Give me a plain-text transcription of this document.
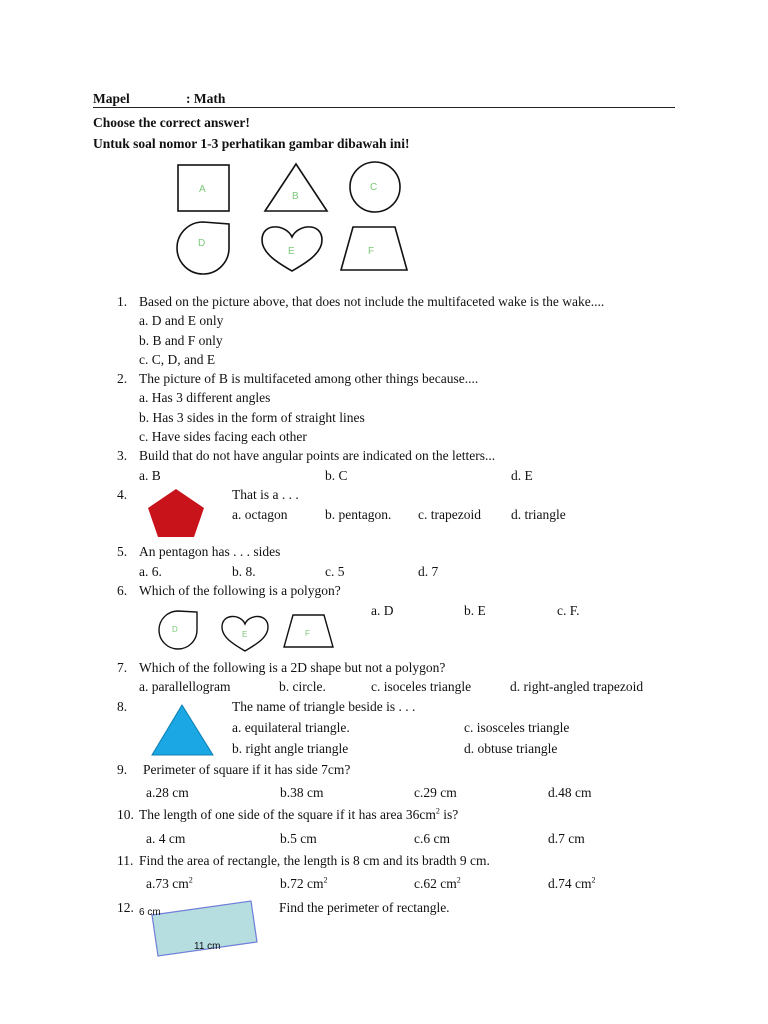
Mapel	: Math
Choose the correct answer!
Untuk soal nomor 1-3 perhatikan gambar dibawah ini!
A
B
C
D
E	F
1. Based on the picture above, that does not include the multifaceted wake is the wake....
a. D and E only
b. B and F only
c. C, D, and E
2. The picture of B is multifaceted among other things because....
a. Has 3 different angles
b. Has 3 sides in the form of straight lines
c. Have sides facing each other
3. Build that do not have angular points are indicated on the letters...
a. B	b. C	d. E
4.	That is a . . .
a. octagon	b. pentagon. c. trapezoid d. triangle
5. An pentagon has . . . sides
a. 6.	b. 8.	c. 5	d. 7
6. Which of the following is a polygon?
a. D	b. E	c. F.
D
E	F
7. Which of the following is a 2D shape but not a polygon?
a. parallellogram	b. circle.	c. isoceles triangle	d. right-angled trapezoid
8.	The name of triangle beside is . . .
a. equilateral triangle.	c. isosceles triangle
b. right angle triangle	d. obtuse triangle
9. Perimeter of square if it has side 7cm?
a.28 cm	b.38 cm	c.29 cm	d.48 cm
10. The length of one side of the square if it has area $36cm^2$ is?
a. 4 cm	b.5 cm	c.6 cm	d.7 cm
11. Find the area of rectangle, the length is 8 cm and its bradth 9 cm.
a.73 $cm^2$	b.72 $cm^2$	c.62 $cm^2$	d.74 $cm^2$
12. 6 cm
11 cm
Find the perimeter of rectangle.
